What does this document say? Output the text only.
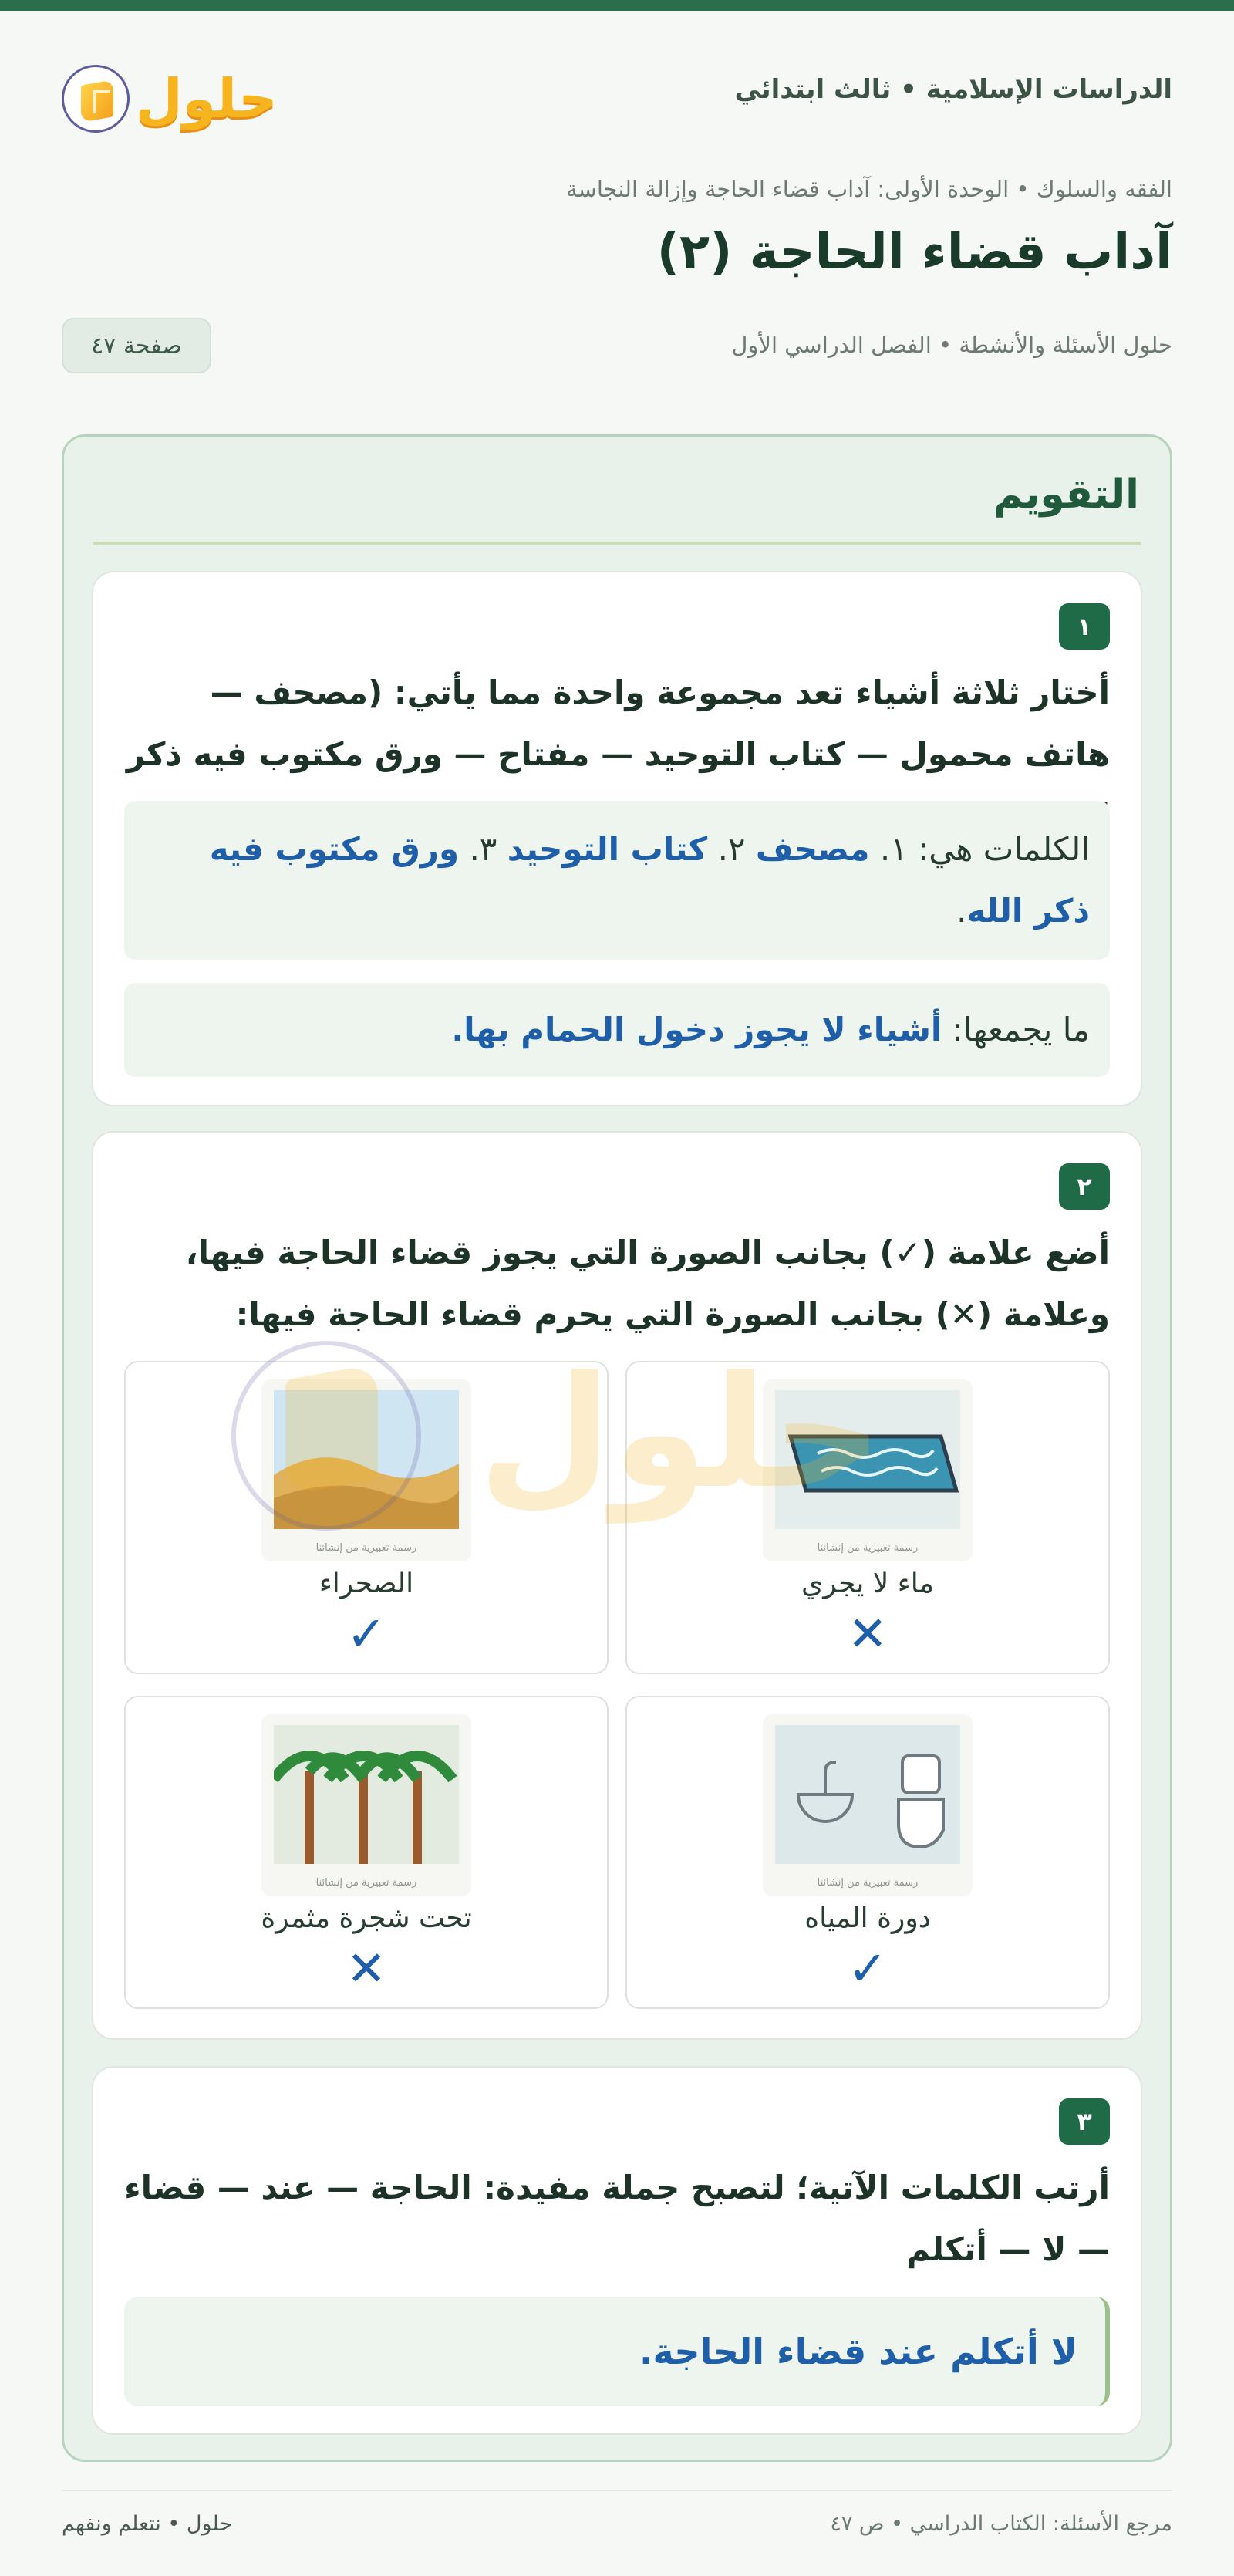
الدراسات الإسلامية • ثالث ابتدائي
حلول
الفقه والسلوك • الوحدة الأولى: آداب قضاء الحاجة وإزالة النجاسة
آداب قضاء الحاجة (٢)
حلول الأسئلة والأنشطة • الفصل الدراسي الأول
صفحة ٤٧
التقويم
١
أختار ثلاثة أشياء تعد مجموعة واحدة مما يأتي: (مصحف — هاتف محمول — كتاب التوحيد — مفتاح — ورق مكتوب فيه ذكر
الكلمات هي: ١. مصحف ٢. كتاب التوحيد ٣. ورق مكتوب فيه ذكر الله.
ما يجمعها: أشياء لا يجوز دخول الحمام بها.
٢
أضع علامة (✓) بجانب الصورة التي يجوز قضاء الحاجة فيها، وعلامة (✕) بجانب الصورة التي يحرم قضاء الحاجة فيها:
رسمة تعبيرية من إنشائنا
ماء لا يجري
✕
رسمة تعبيرية من إنشائنا
الصحراء
✓
رسمة تعبيرية من إنشائنا
دورة المياه
✓
رسمة تعبيرية من إنشائنا
تحت شجرة مثمرة
✕
٣
أرتب الكلمات الآتية؛ لتصبح جملة مفيدة: الحاجة — عند — قضاء — لا — أتكلم
لا أتكلم عند قضاء الحاجة.
حلول
مرجع الأسئلة: الكتاب الدراسي • ص ٤٧
حلول • نتعلم ونفهم
